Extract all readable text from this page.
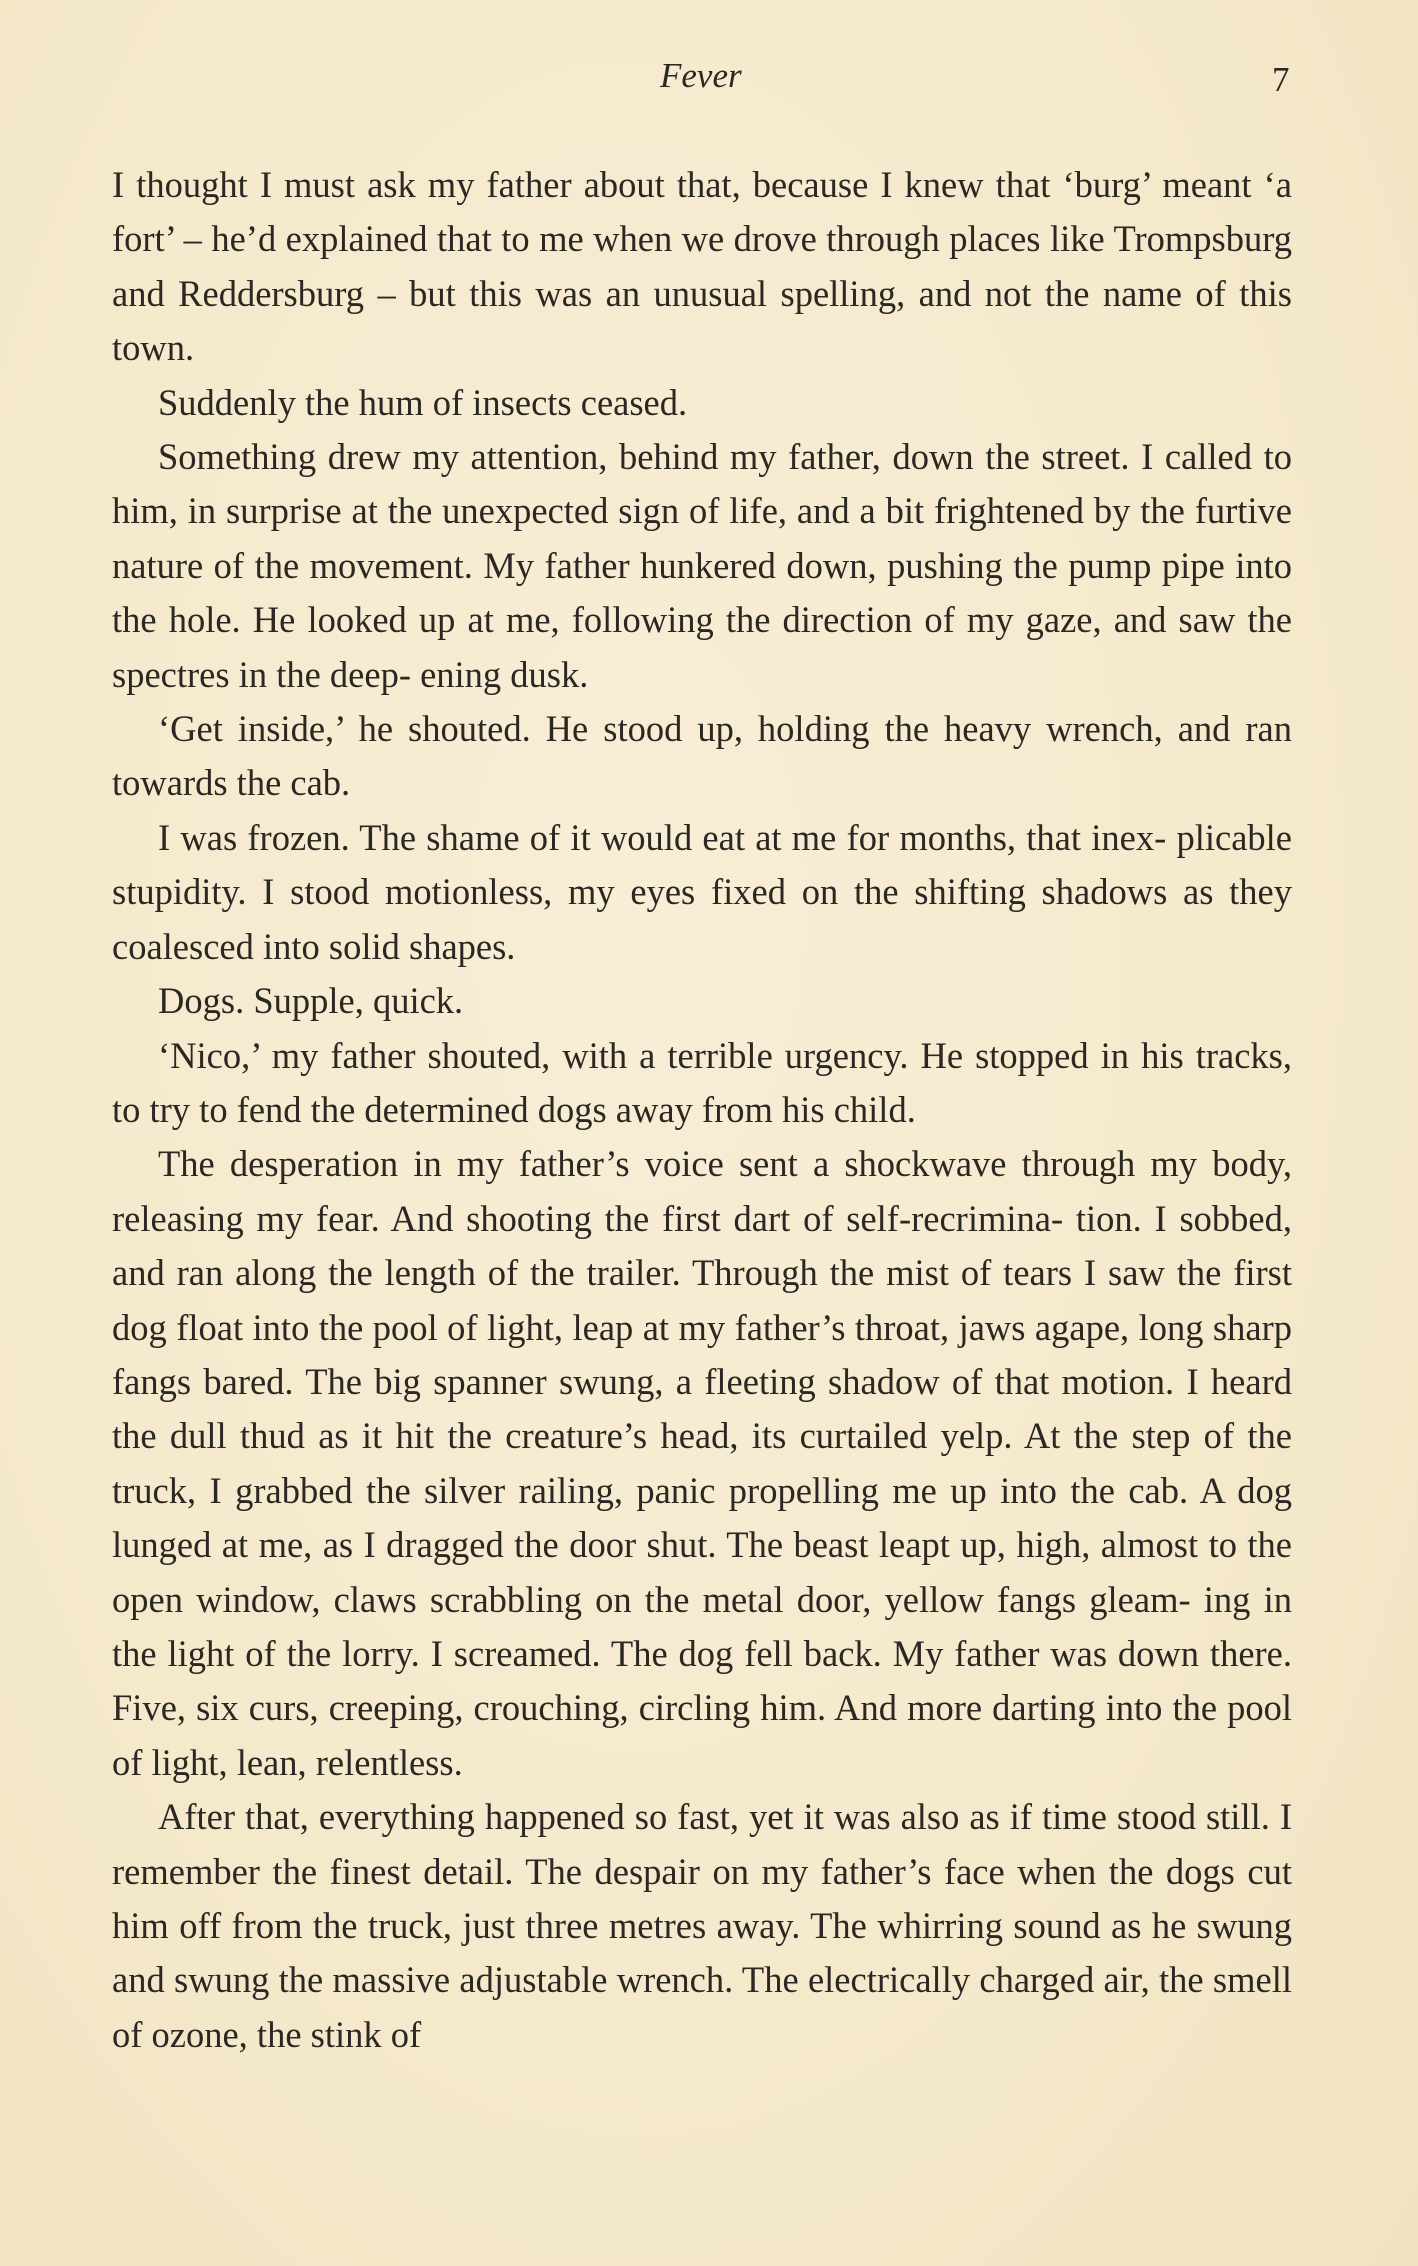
Fever	7

I thought I must ask my father about that, because I knew that ‘burg’ meant ‘a fort’ – he’d explained that to me when we drove through places like Trompsburg and Reddersburg – but this was an unusual spelling, and not the name of this town.

Suddenly the hum of insects ceased.

Something drew my attention, behind my father, down the street. I called to him, in surprise at the unexpected sign of life, and a bit frightened by the furtive nature of the movement. My father hunkered down, pushing the pump pipe into the hole. He looked up at me, following the direction of my gaze, and saw the spectres in the deep- ening dusk.

‘Get inside,’ he shouted. He stood up, holding the heavy wrench, and ran towards the cab.

I was frozen. The shame of it would eat at me for months, that inex- plicable stupidity. I stood motionless, my eyes fixed on the shifting shadows as they coalesced into solid shapes.

Dogs. Supple, quick.

‘Nico,’ my father shouted, with a terrible urgency. He stopped in his tracks, to try to fend the determined dogs away from his child.

The desperation in my father’s voice sent a shockwave through my body, releasing my fear. And shooting the first dart of self-recrimina- tion. I sobbed, and ran along the length of the trailer. Through the mist of tears I saw the first dog float into the pool of light, leap at my father’s throat, jaws agape, long sharp fangs bared. The big spanner swung, a fleeting shadow of that motion. I heard the dull thud as it hit the creature’s head, its curtailed yelp. At the step of the truck, I grabbed the silver railing, panic propelling me up into the cab. A dog lunged at me, as I dragged the door shut. The beast leapt up, high, almost to the open window, claws scrabbling on the metal door, yellow fangs gleam- ing in the light of the lorry. I screamed. The dog fell back. My father was down there. Five, six curs, creeping, crouching, circling him. And more darting into the pool of light, lean, relentless.

After that, everything happened so fast, yet it was also as if time stood still. I remember the finest detail. The despair on my father’s face when the dogs cut him off from the truck, just three metres away. The whirring sound as he swung and swung the massive adjustable wrench. The electrically charged air, the smell of ozone, the stink of
